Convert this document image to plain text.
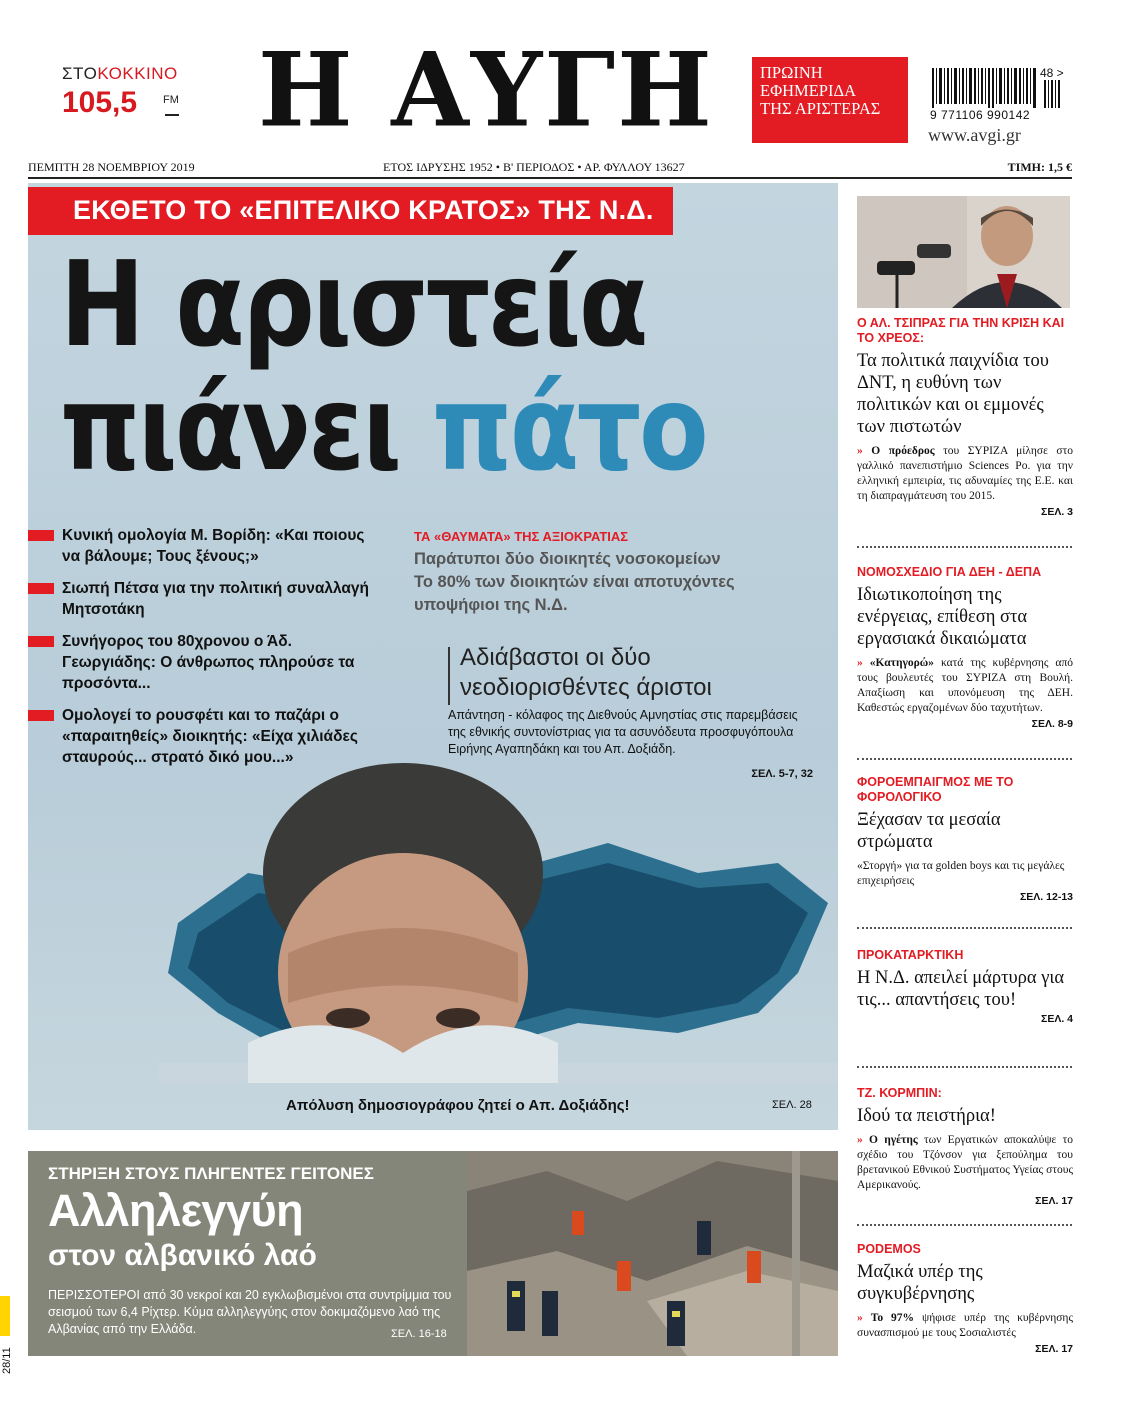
ΣΤΟΚΟΚΚΙΝΟ
105,5	FM Η ΑΥΓΗ	ΠΡΩΙΝΗ
ΕΦΗΜΕΡΙΔΑ
ΤΗΣ ΑΡΙΣΤΕΡΑΣ
48 >
9 771106 990142
www.avgi.gr
ΠΕΜΠΤΗ 28 ΝΟΕΜΒΡΙΟΥ 2019	ΕΤΟΣ ΙΔΡΥΣΗΣ 1952 • Β' ΠΕΡΙΟΔΟΣ • ΑΡ. ΦΥΛΛΟΥ 13627	ΤΙΜΗ: 1,5 €
ΕΚΘΕΤΟ ΤΟ «ΕΠΙΤΕΛΙΚΟ ΚΡΑΤΟΣ» ΤΗΣ Ν.Δ.
Η αριστεία
πιάνει πάτο
Κυνική ομολογία Μ. Βορίδη: «Και ποιους να βάλουμε; Τους ξένους;»
Σιωπή Πέτσα για την πολιτική συναλλαγή Μητσοτάκη
Συνήγορος του 80χρονου ο Άδ. Γεωργιάδης: Ο άνθρωπος πληρούσε τα προσόντα...
Ομολογεί το ρουσφέτι και το παζάρι ο «παραιτηθείς» διοικητής: «Είχα χιλιάδες σταυρούς... στρατό δικό μου...»
ΤΑ «ΘΑΥΜΑΤΑ» ΤΗΣ ΑΞΙΟΚΡΑΤΙΑΣ
Παράτυποι δύο διοικητές νοσοκομείων
Το 80% των διοικητών είναι αποτυχόντες υποψήφιοι της Ν.Δ.
Αδιάβαστοι οι δύο νεοδιορισθέντες άριστοι
Απάντηση - κόλαφος της Διεθνούς Αμνηστίας στις παρεμβάσεις της εθνικής συντονίστριας για τα ασυνόδευτα προσφυγόπουλα Ειρήνης Αγαπηδάκη και του Απ. Δοξιάδη.
ΣΕΛ. 5-7, 32
Απόλυση δημοσιογράφου ζητεί ο Απ. Δοξιάδης!	ΣΕΛ. 28
ΣΤΗΡΙΞΗ ΣΤΟΥΣ ΠΛΗΓΕΝΤΕΣ ΓΕΙΤΟΝΕΣ
Αλληλεγγύη
στον αλβανικό λαό
ΠΕΡΙΣΣΟΤΕΡΟΙ από 30 νεκροί και 20 εγκλωβισμένοι στα συντρίμμια του σεισμού των 6,4 Ρίχτερ. Κύμα αλληλεγγύης στον δοκιμαζόμενο λαό της Αλβανίας από την Ελλάδα.	ΣΕΛ. 16-18
28/11
Ο ΑΛ. ΤΣΙΠΡΑΣ ΓΙΑ ΤΗΝ ΚΡΙΣΗ ΚΑΙ ΤΟ ΧΡΕΟΣ:
Τα πολιτικά παιχνίδια του ΔΝΤ, η ευθύνη των πολιτικών και οι εμμονές των πιστωτών
» Ο πρόεδρος του ΣΥΡΙΖΑ μίλησε στο γαλλικό πανεπιστήμιο Sciences Po. για την ελληνική εμπειρία, τις αδυναμίες της Ε.Ε. και τη διαπραγμάτευση του 2015.
ΣΕΛ. 3
ΝΟΜΟΣΧΕΔΙΟ ΓΙΑ ΔΕΗ - ΔΕΠΑ
Ιδιωτικοποίηση της ενέργειας, επίθεση στα εργασιακά δικαιώματα
» «Κατηγορώ» κατά της κυβέρνησης από τους βουλευτές του ΣΥΡΙΖΑ στη Βουλή. Απαξίωση και υπονόμευση της ΔΕΗ. Καθεστώς εργαζομένων δύο ταχυτήτων.
ΣΕΛ. 8-9
ΦΟΡΟΕΜΠΑΙΓΜΟΣ ΜΕ ΤΟ ΦΟΡΟΛΟΓΙΚΟ
Ξέχασαν τα μεσαία στρώματα
«Στοργή» για τα golden boys και τις μεγάλες επιχειρήσεις
ΣΕΛ. 12-13
ΠΡΟΚΑΤΑΡΚΤΙΚΗ
Η Ν.Δ. απειλεί μάρτυρα για τις... απαντήσεις του!
ΣΕΛ. 4
ΤΖ. ΚΟΡΜΠΙΝ:
Ιδού τα πειστήρια!
» Ο ηγέτης των Εργατικών αποκαλύψε το σχέδιο του Τζόνσον για ξεπούλημα του βρετανικού Εθνικού Συστήματος Υγείας στους Αμερικανούς.
ΣΕΛ. 17
PODEMOS
Μαζικά υπέρ της συγκυβέρνησης
» Το 97% ψήφισε υπέρ της κυβέρνησης συνασπισμού με τους Σοσιαλιστές
ΣΕΛ. 17
